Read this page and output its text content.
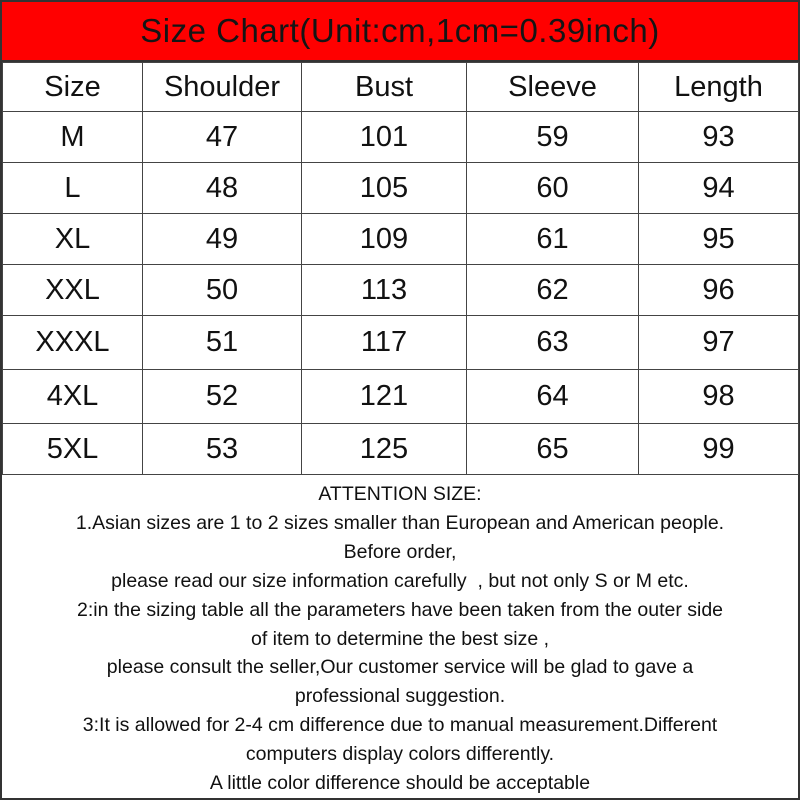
Size Chart(Unit:cm,1cm=0.39inch)
Size	Shoulder	Bust	Sleeve	Length
M	47	101	59	93
L	48	105	60	94
XL	49	109	61	95
XXL	50	113	62	96
XXXL	51	117	63	97
4XL	52	121	64	98
5XL	53	125	65	99
ATTENTION SIZE:
1.Asian sizes are 1 to 2 sizes smaller than European and American people.
Before order,
please read our size information carefully  , but not only S or M etc.
2:in the sizing table all the parameters have been taken from the outer side
of item to determine the best size ,
please consult the seller,Our customer service will be glad to gave a
professional suggestion.
3:It is allowed for 2-4 cm difference due to manual measurement.Different
computers display colors differently.
A little color difference should be acceptable
